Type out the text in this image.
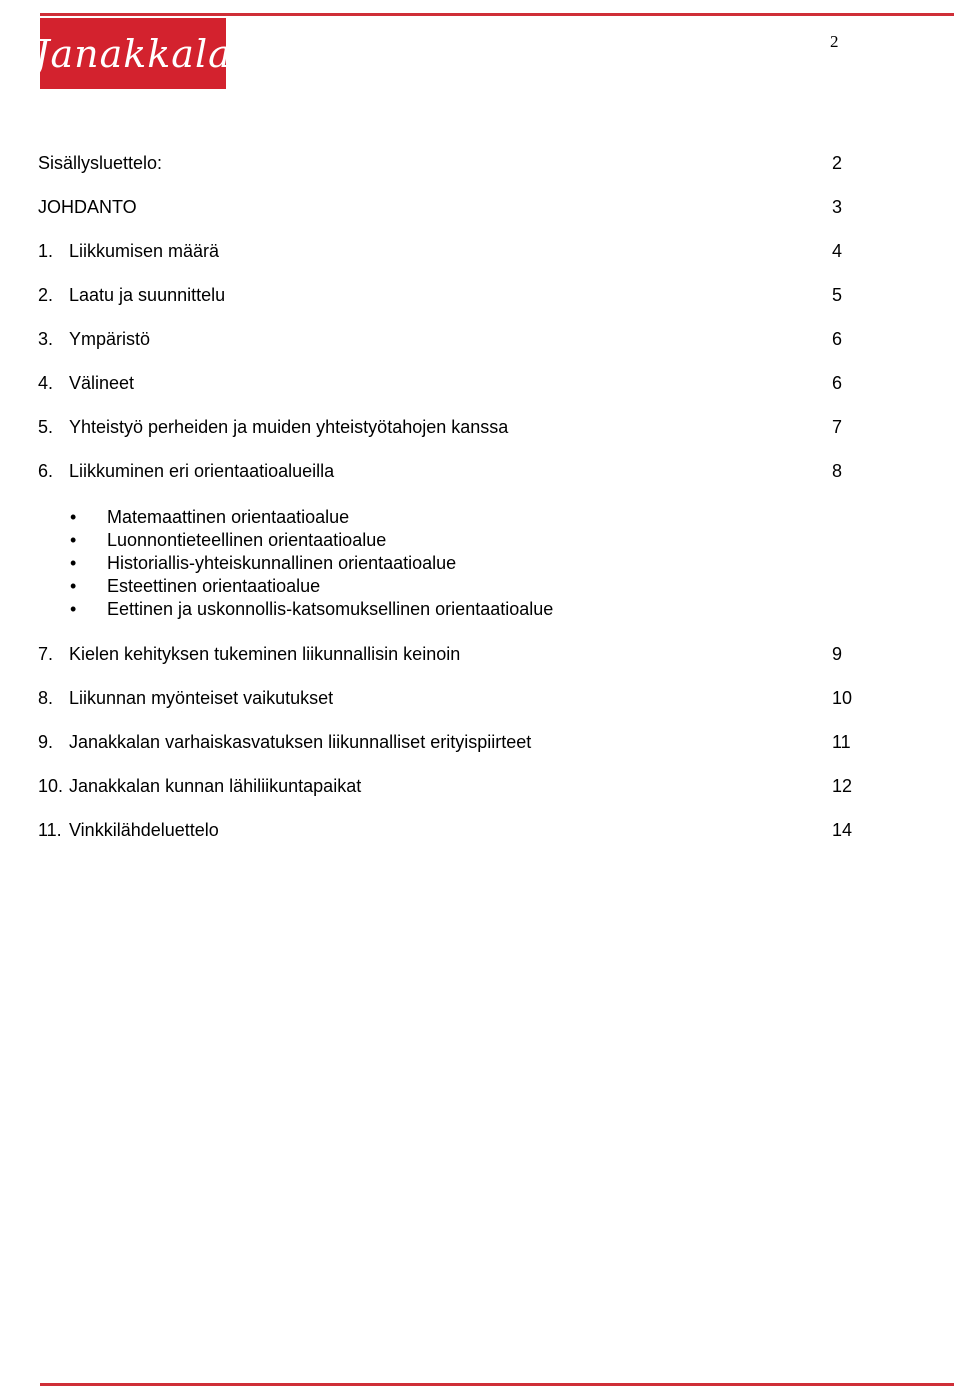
Janakkala	2
Sisällysluettelo:	2
JOHDANTO	3
1. Liikkumisen määrä	4
2. Laatu ja suunnittelu	5
3. Ympäristö	6
4. Välineet	6
5. Yhteistyö perheiden ja muiden yhteistyötahojen kanssa	7
6. Liikkuminen eri orientaatioalueilla	8
• Matemaattinen orientaatioalue
• Luonnontieteellinen orientaatioalue
• Historiallis-yhteiskunnallinen orientaatioalue
• Esteettinen orientaatioalue
• Eettinen ja uskonnollis-katsomuksellinen orientaatioalue
7. Kielen kehityksen tukeminen liikunnallisin keinoin	9
8. Liikunnan myönteiset vaikutukset	10
9. Janakkalan varhaiskasvatuksen liikunnalliset erityispiirteet	11
10. Janakkalan kunnan lähiliikuntapaikat	12
11. Vinkkilähdeluettelo	14
